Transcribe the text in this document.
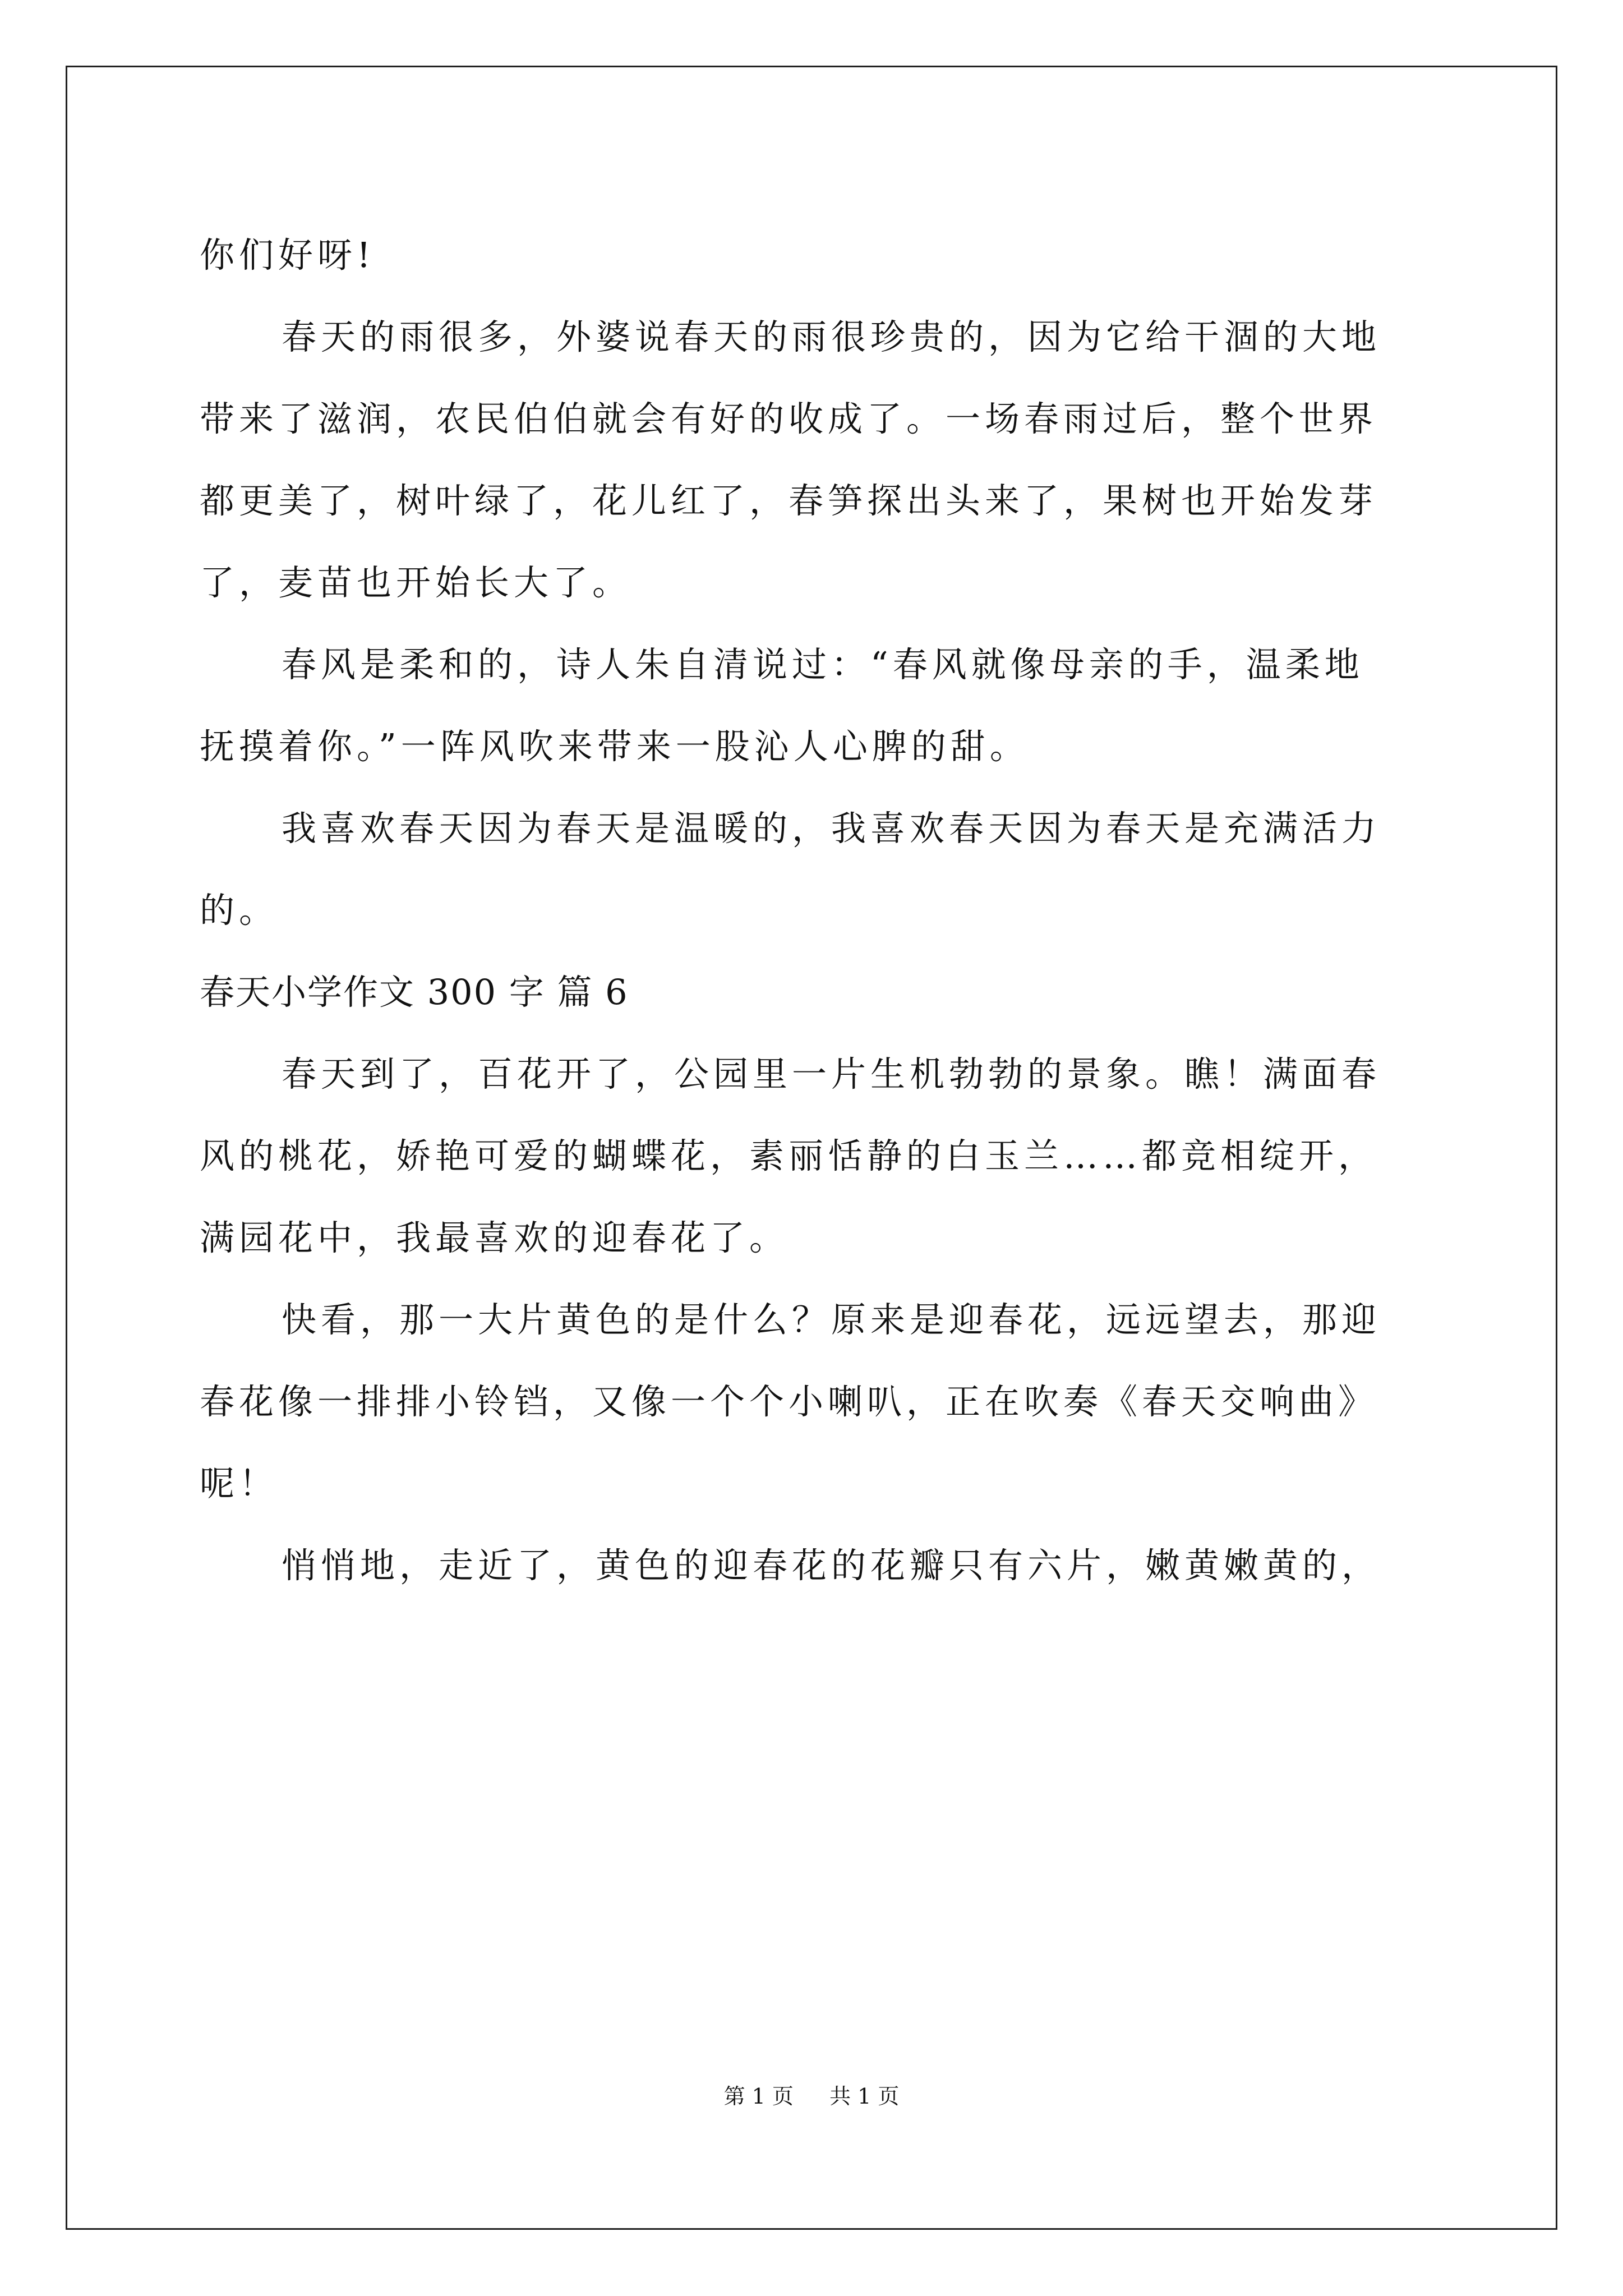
你们好呀!

春天的雨很多，外婆说春天的雨很珍贵的，因为它给干涸的大地

带来了滋润，农民伯伯就会有好的收成了。一场春雨过后，整个世界

都更美了，树叶绿了，花儿红了，春笋探出头来了，果树也开始发芽

了，麦苗也开始长大了。

春风是柔和的，诗人朱自清说过：“春风就像母亲的手，温柔地

抚摸着你。”一阵风吹来带来一股沁人心脾的甜。

我喜欢春天因为春天是温暖的，我喜欢春天因为春天是充满活力

的。

春天小学作文 300 字 篇 6

春天到了，百花开了，公园里一片生机勃勃的景象。瞧！满面春

风的桃花，娇艳可爱的蝴蝶花，素丽恬静的白玉兰……都竞相绽开，

满园花中，我最喜欢的迎春花了。

快看，那一大片黄色的是什么？原来是迎春花，远远望去，那迎

春花像一排排小铃铛，又像一个个小喇叭，正在吹奏《春天交响曲》

呢！

悄悄地，走近了，黄色的迎春花的花瓣只有六片，嫩黄嫩黄的，

第 1 页 共 1 页
